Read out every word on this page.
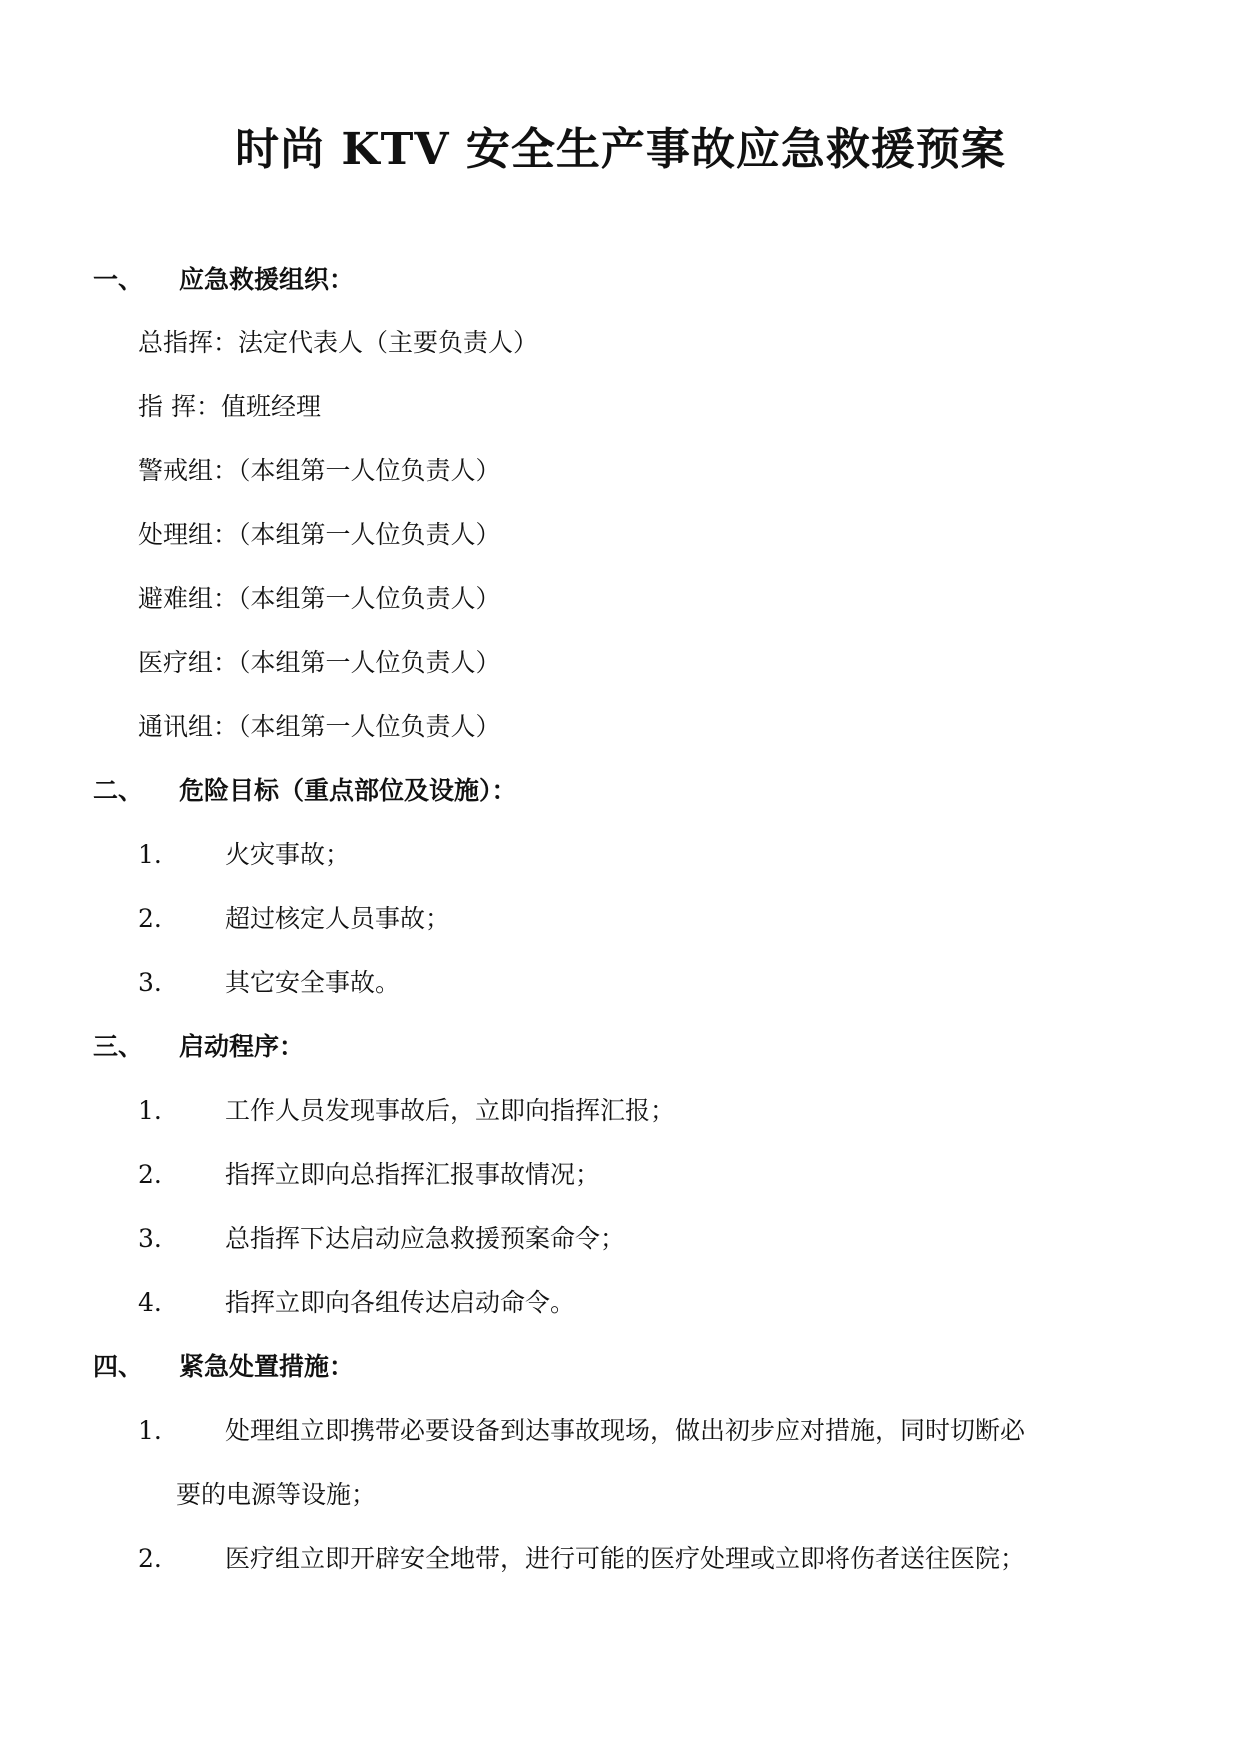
时尚 KTV 安全生产事故应急救援预案
一、 应急救援组织：
总指挥：法定代表人（主要负责人）
指 挥：值班经理
警戒组：（本组第一人位负责人）
处理组：（本组第一人位负责人）
避难组：（本组第一人位负责人）
医疗组：（本组第一人位负责人）
通讯组：（本组第一人位负责人）
二、 危险目标（重点部位及设施）：
1.	火灾事故；
2.	超过核定人员事故；
3.	其它安全事故。
三、 启动程序：
1.	工作人员发现事故后，立即向指挥汇报；
2.	指挥立即向总指挥汇报事故情况；
3.	总指挥下达启动应急救援预案命令；
4.	指挥立即向各组传达启动命令。
四、 紧急处置措施：
1.	处理组立即携带必要设备到达事故现场，做出初步应对措施，同时切断必
要的电源等设施；
2.	医疗组立即开辟安全地带，进行可能的医疗处理或立即将伤者送往医院；
